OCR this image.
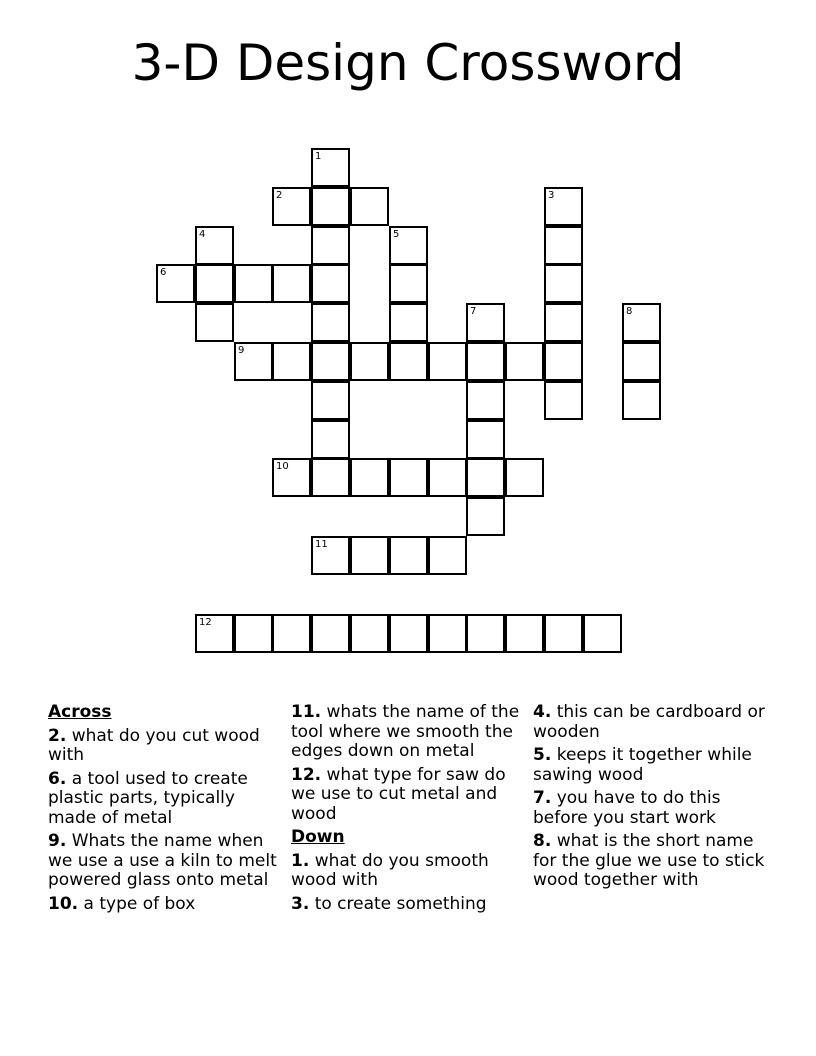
3-D Design Crossword
1
2	3
4	5
6
7	8
9
10
11
12
Across
2. what do you cut wood with
6. a tool used to create plastic parts, typically made of metal
9. Whats the name when we use a use a kiln to melt powered glass onto metal
10. a type of box
11. whats the name of the tool where we smooth the edges down on metal
12. what type for saw do we use to cut metal and wood
Down
1. what do you smooth wood with
3. to create something
4. this can be cardboard or wooden
5. keeps it together while sawing wood
7. you have to do this before you start work
8. what is the short name for the glue we use to stick wood together with
